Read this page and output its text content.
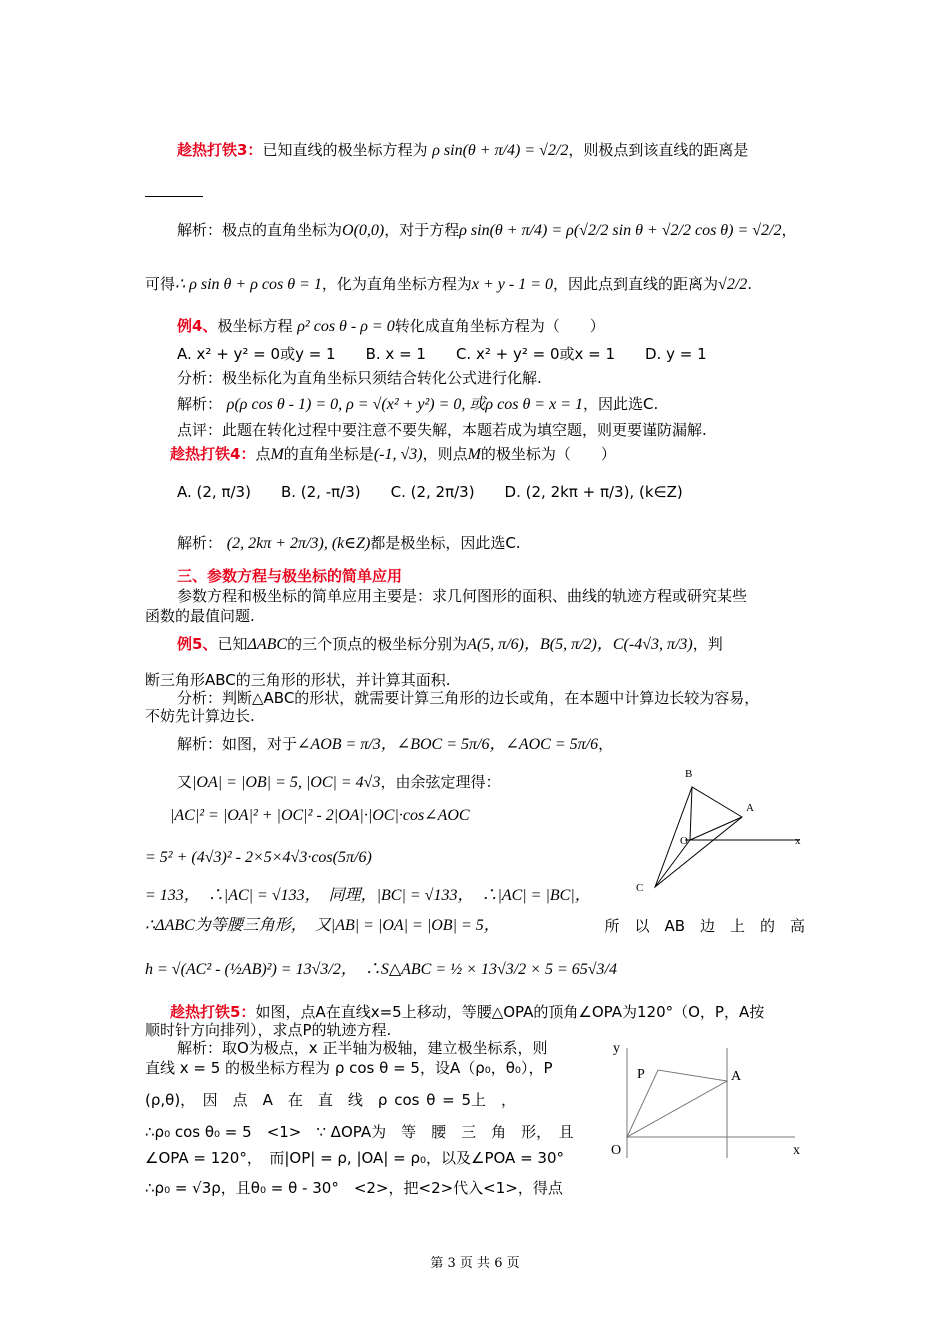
趁热打铁3：已知直线的极坐标方程为 ρ sin(θ + π/4) = √2/2，则极点到该直线的距离是
解析：极点的直角坐标为O(0,0)，对于方程ρ sin(θ + π/4) = ρ(√2/2 sin θ + √2/2 cos θ) = √2/2，
可得∴ ρ sin θ + ρ cos θ = 1，化为直角坐标方程为x + y - 1 = 0，因此点到直线的距离为√2/2.
例4、极坐标方程 ρ² cos θ - ρ = 0转化成直角坐标方程为（　　）
A. x² + y² = 0或y = 1　　B. x = 1　　C. x² + y² = 0或x = 1　　D. y = 1
分析：极坐标化为直角坐标只须结合转化公式进行化解.
解析： ρ(ρ cos θ - 1) = 0, ρ = √(x² + y²) = 0, 或ρ cos θ = x = 1，因此选C.
点评：此题在转化过程中要注意不要失解，本题若成为填空题，则更要谨防漏解.
趁热打铁4：点M的直角坐标是(-1, √3)，则点M的极坐标为（　　）
A. (2, π/3)　　B. (2, -π/3)　　C. (2, 2π/3)　　D. (2, 2kπ + π/3), (k∈Z)
解析： (2, 2kπ + 2π/3), (k∈Z)都是极坐标，因此选C.
三、参数方程与极坐标的简单应用
参数方程和极坐标的简单应用主要是：求几何图形的面积、曲线的轨迹方程或研究某些
函数的最值问题.
例5、已知ΔABC的三个顶点的极坐标分别为A(5, π/6)，B(5, π/2)，C(-4√3, π/3)，判
断三角形ABC的三角形的形状，并计算其面积.
分析：判断△ABC的形状，就需要计算三角形的边长或角，在本题中计算边长较为容易，
不妨先计算边长.
解析：如图，对于∠AOB = π/3，∠BOC = 5π/6，∠AOC = 5π/6，
又|OA| = |OB| = 5, |OC| = 4√3，由余弦定理得：
|AC|² = |OA|² + |OC|² - 2|OA|·|OC|·cos∠AOC
= 5² + (4√3)² - 2×5×4√3·cos(5π/6)
= 133，　∴|AC| = √133，　同理，|BC| = √133，　∴|AC| = |BC|，
∴ΔABC为等腰三角形，　又|AB| = |OA| = |OB| = 5，	所　以　AB　边　上　的　高
h = √(AC² - (½AB)²) = 13√3/2，　∴S△ABC = ½ × 13√3/2 × 5 = 65√3/4
B
A
O	x
C
趁热打铁5：如图，点A在直线x=5上移动，等腰△OPA的顶角∠OPA为120°（O，P，A按
顺时针方向排列），求点P的轨迹方程.
解析：取O为极点，x 正半轴为极轴，建立极坐标系，则
直线 x = 5 的极坐标方程为 ρ cos θ = 5，设A（ρ₀，θ₀），P
(ρ,θ)，　因　点　A　在　直　线　ρ cos θ = 5上　，
∴ρ₀ cos θ₀ = 5　<1>　∵ ΔOPA为　等　腰　三　角　形，　且
∠OPA = 120°，　而|OP| = ρ, |OA| = ρ₀，以及∠POA = 30°
∴ρ₀ = √3ρ，且θ₀ = θ - 30°　<2>，把<2>代入<1>，得点
y
P	A
O	x
第 3 页 共 6 页
